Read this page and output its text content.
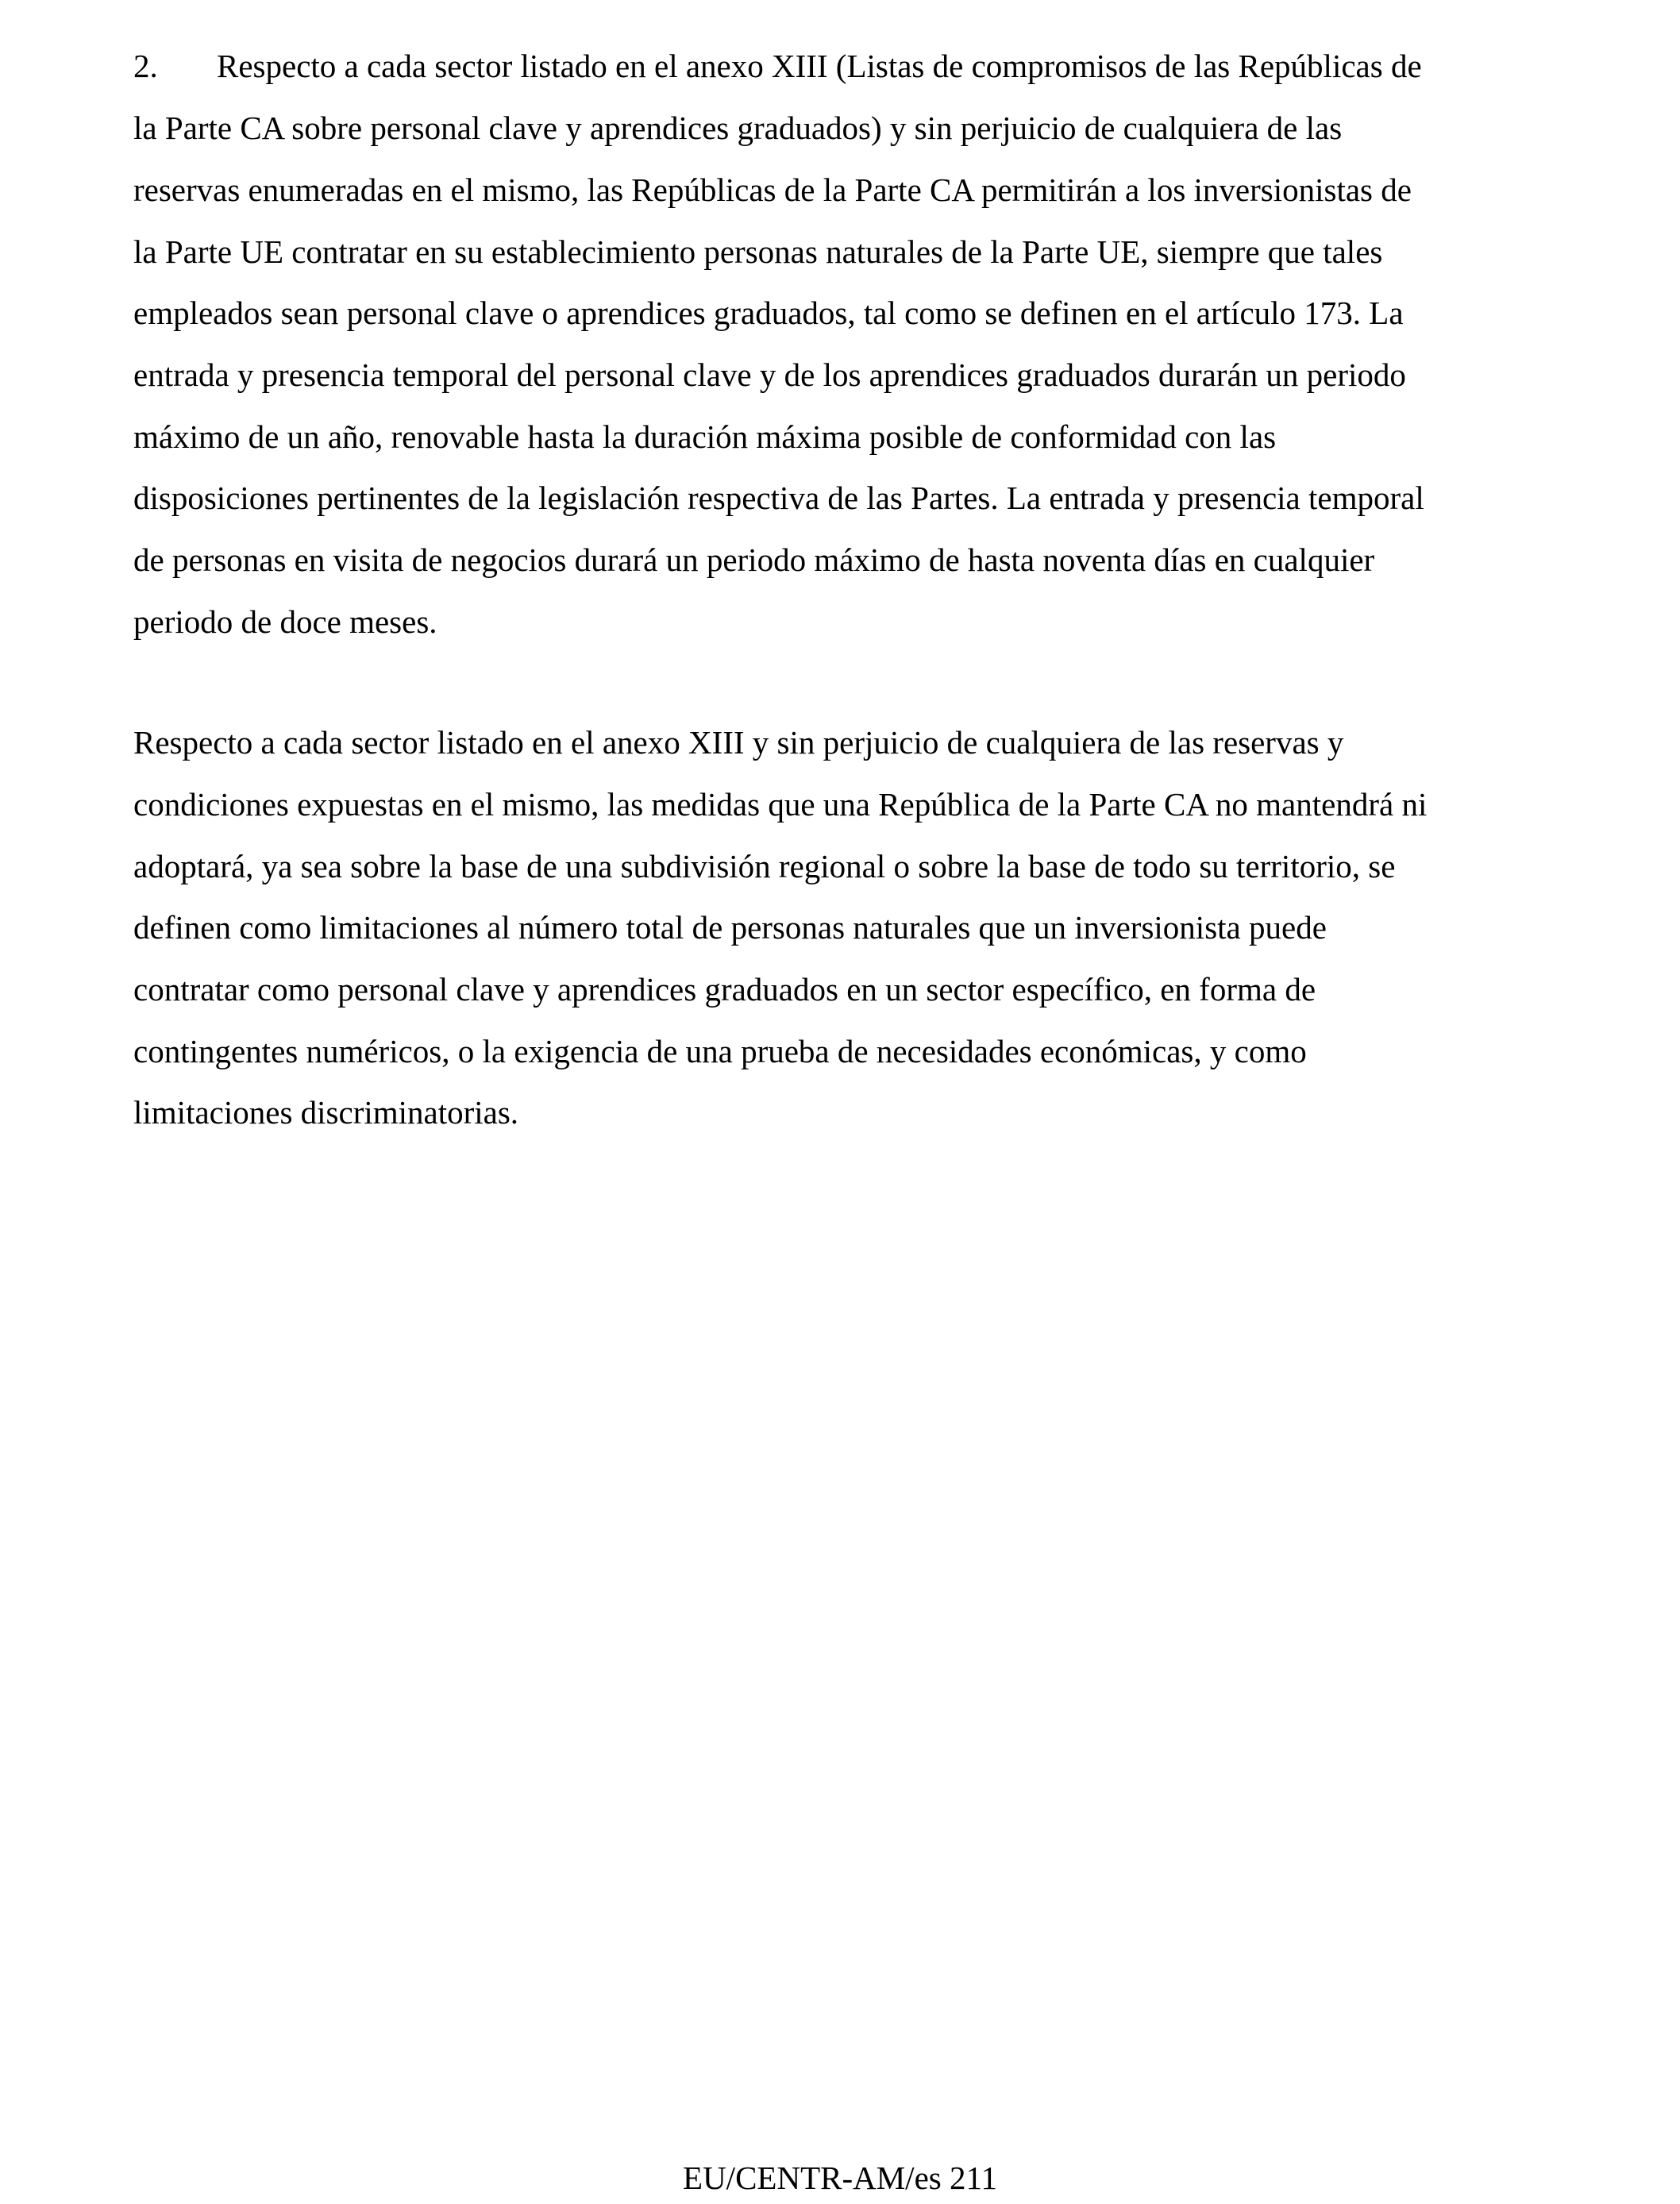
2. Respecto a cada sector listado en el anexo XIII (Listas de compromisos de las Repúblicas de
la Parte CA sobre personal clave y aprendices graduados) y sin perjuicio de cualquiera de las
reservas enumeradas en el mismo, las Repúblicas de la Parte CA permitirán a los inversionistas de
la Parte UE contratar en su establecimiento personas naturales de la Parte UE, siempre que tales
empleados sean personal clave o aprendices graduados, tal como se definen en el artículo 173. La
entrada y presencia temporal del personal clave y de los aprendices graduados durarán un periodo
máximo de un año, renovable hasta la duración máxima posible de conformidad con las
disposiciones pertinentes de la legislación respectiva de las Partes. La entrada y presencia temporal
de personas en visita de negocios durará un periodo máximo de hasta noventa días en cualquier
periodo de doce meses.
Respecto a cada sector listado en el anexo XIII y sin perjuicio de cualquiera de las reservas y
condiciones expuestas en el mismo, las medidas que una República de la Parte CA no mantendrá ni
adoptará, ya sea sobre la base de una subdivisión regional o sobre la base de todo su territorio, se
definen como limitaciones al número total de personas naturales que un inversionista puede
contratar como personal clave y aprendices graduados en un sector específico, en forma de
contingentes numéricos, o la exigencia de una prueba de necesidades económicas, y como
limitaciones discriminatorias.
EU/CENTR-AM/es 211
